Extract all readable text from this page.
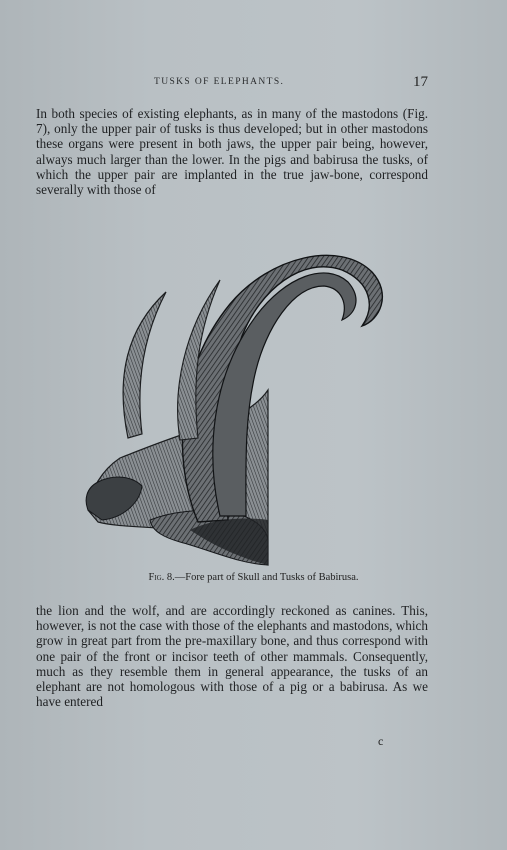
TUSKS OF ELEPHANTS.	17

In both species of existing elephants, as in many of the mastodons (Fig. 7), only the upper pair of tusks is thus developed; but in other mastodons these organs were present in both jaws, the upper pair being, however, always much larger than the lower. In the pigs and babirusa the tusks, of which the upper pair are implanted in the true jaw-bone, correspond severally with those of

Fig. 8.—Fore part of Skull and Tusks of Babirusa.

the lion and the wolf, and are accordingly reckoned as canines. This, however, is not the case with those of the elephants and mastodons, which grow in great part from the pre-maxillary bone, and thus correspond with one pair of the front or incisor teeth of other mammals. Consequently, much as they resemble them in general appearance, the tusks of an elephant are not homologous with those of a pig or a babirusa. As we have entered

c
